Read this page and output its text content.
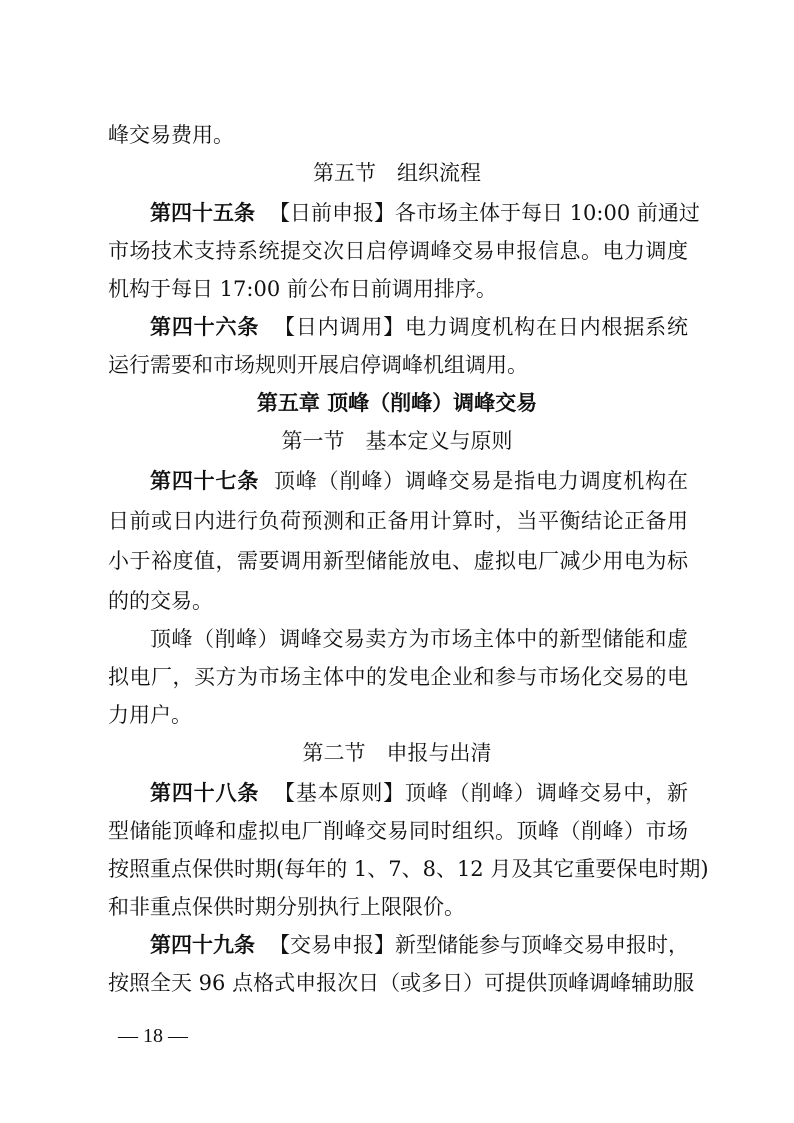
峰交易费用。
第五节　组织流程
第四十五条 【日前申报】各市场主体于每日 10:00 前通过
市场技术支持系统提交次日启停调峰交易申报信息。电力调度
机构于每日 17:00 前公布日前调用排序。
第四十六条 【日内调用】电力调度机构在日内根据系统
运行需要和市场规则开展启停调峰机组调用。
第五章 顶峰（削峰）调峰交易
第一节　基本定义与原则
第四十七条 顶峰（削峰）调峰交易是指电力调度机构在
日前或日内进行负荷预测和正备用计算时，当平衡结论正备用
小于裕度值，需要调用新型储能放电、虚拟电厂减少用电为标
的的交易。
顶峰（削峰）调峰交易卖方为市场主体中的新型储能和虚
拟电厂，买方为市场主体中的发电企业和参与市场化交易的电
力用户。
第二节　申报与出清
第四十八条 【基本原则】顶峰（削峰）调峰交易中，新
型储能顶峰和虚拟电厂削峰交易同时组织。顶峰（削峰）市场
按照重点保供时期(每年的 1、7、8、12 月及其它重要保电时期)
和非重点保供时期分别执行上限限价。
第四十九条 【交易申报】新型储能参与顶峰交易申报时，
按照全天 96 点格式申报次日（或多日）可提供顶峰调峰辅助服
— 18 —
